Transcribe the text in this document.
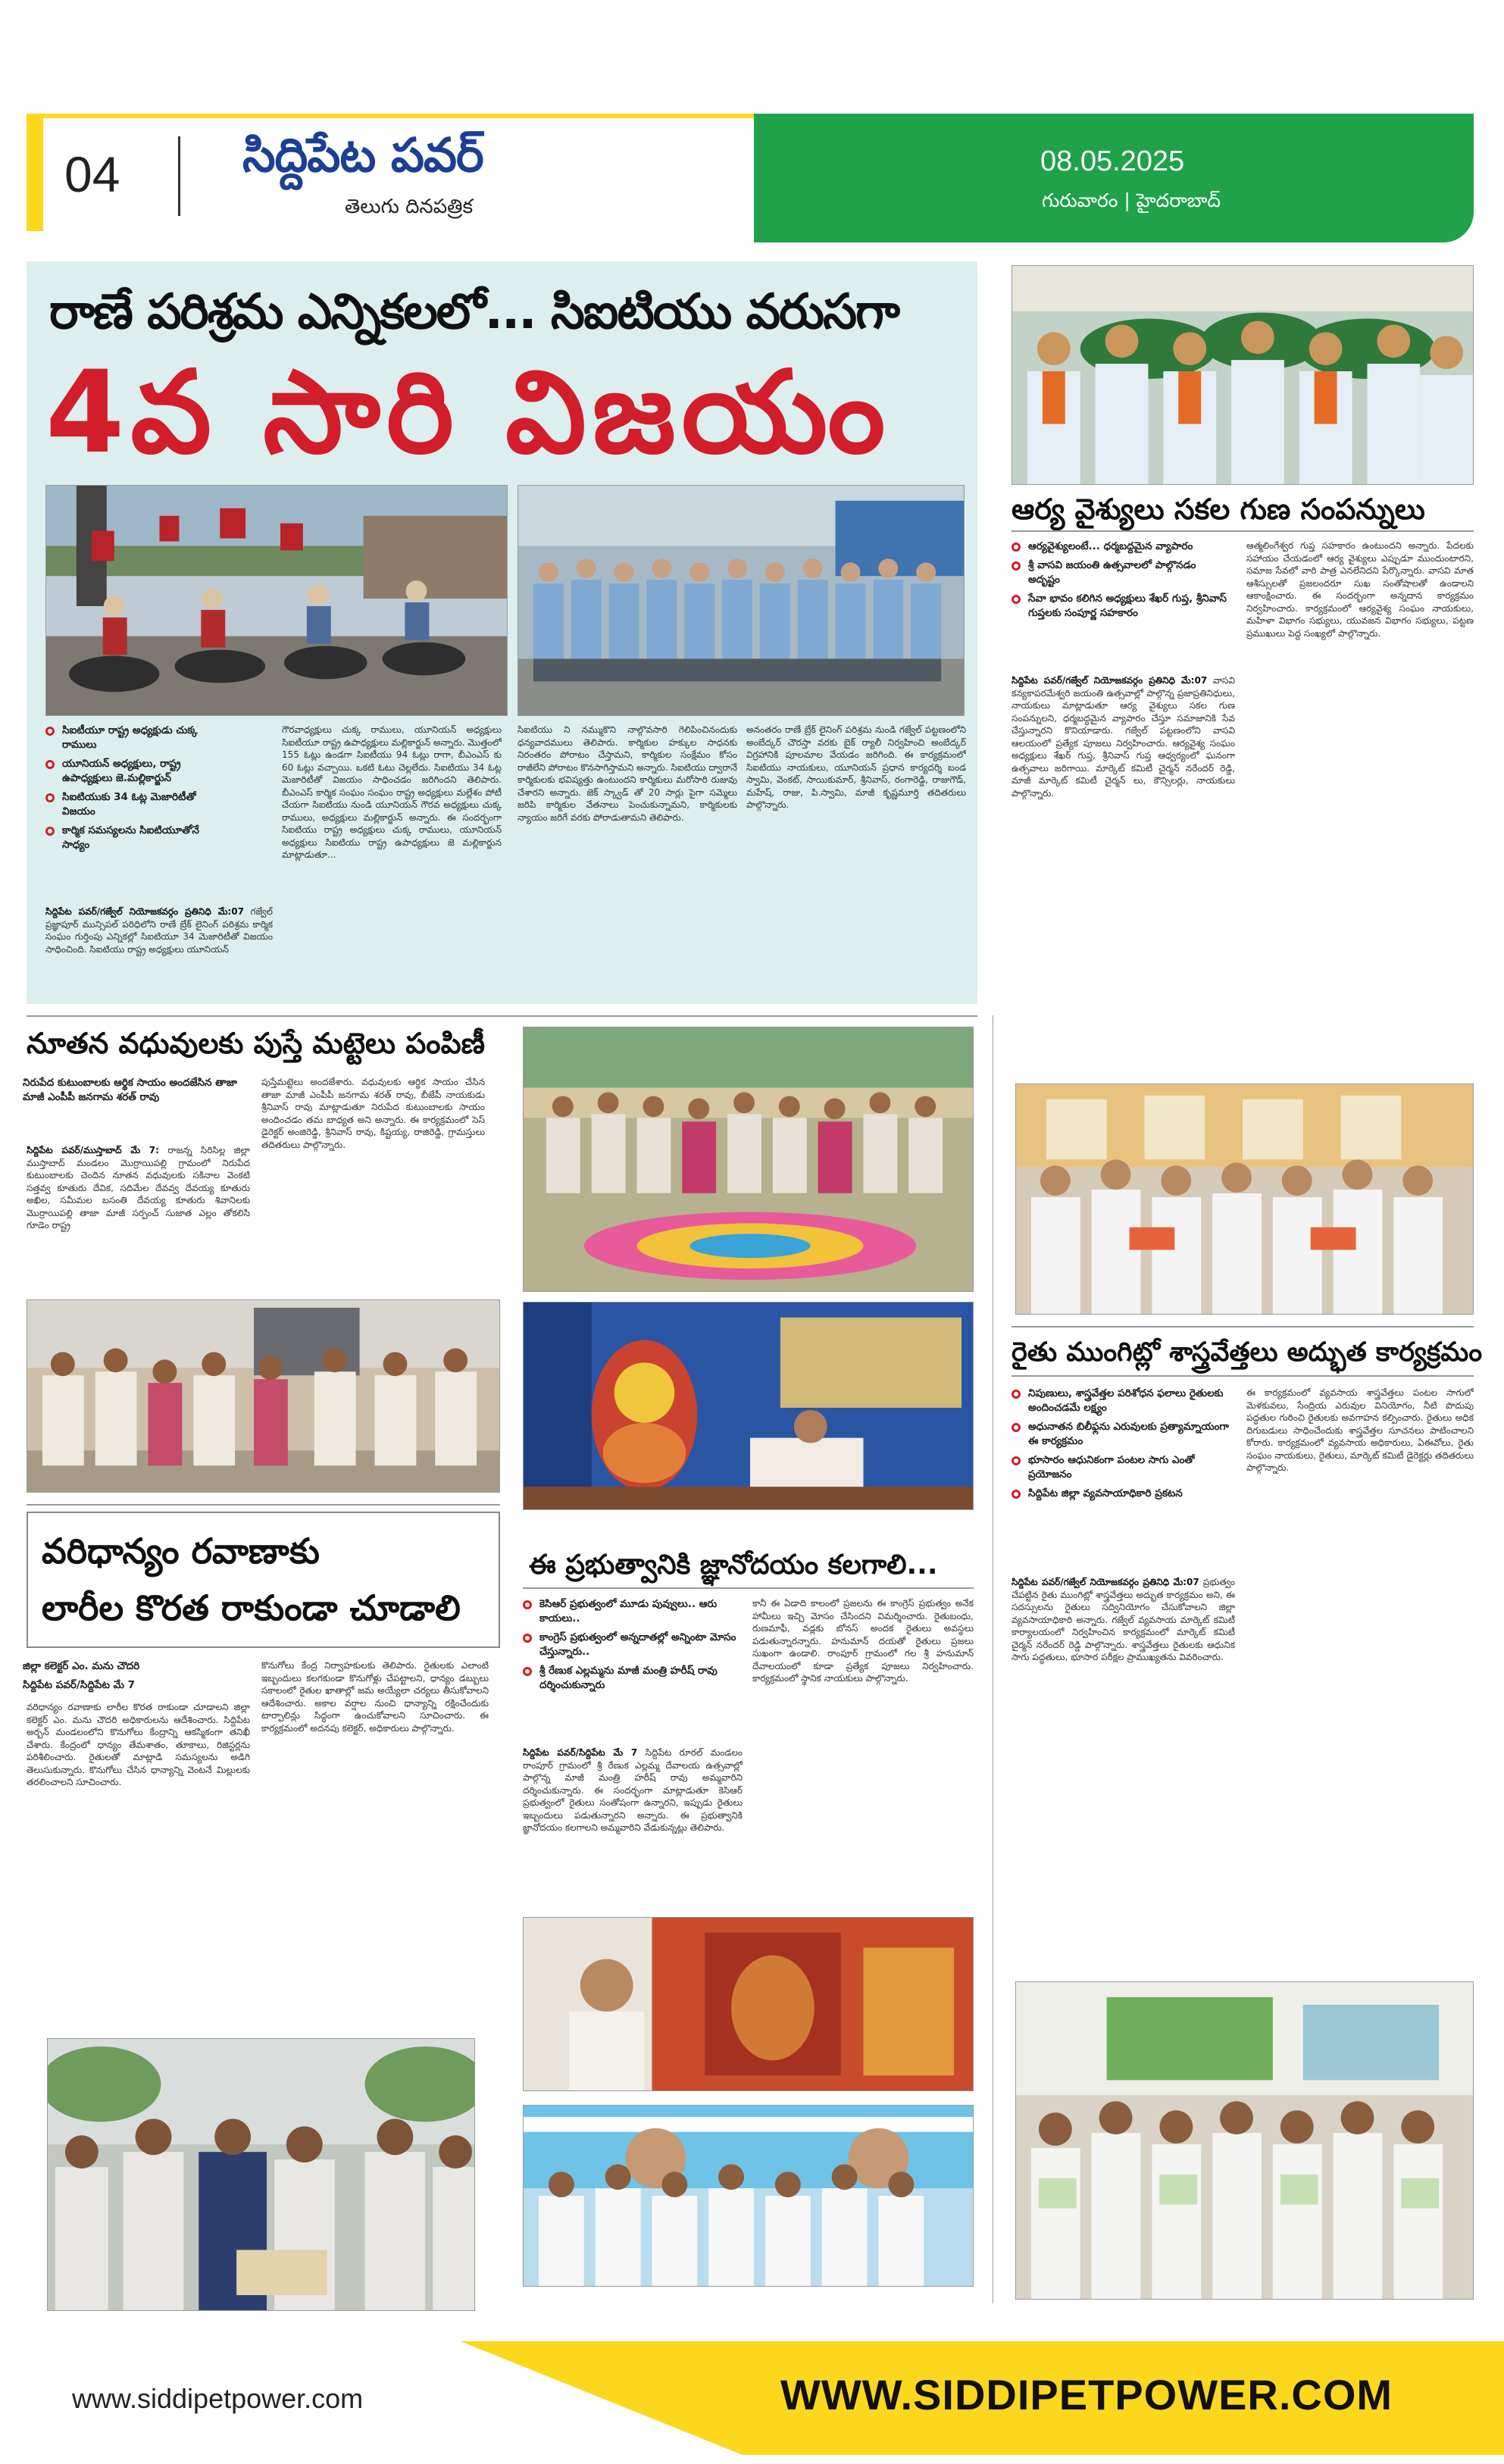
04	సిద్దిపేట పవర్
తెలుగు దినపత్రిక
08.05.2025
గురువారం | హైదరాబాద్
రాణే పరిశ్రమ ఎన్నికలలో... సిఐటియు వరుసగా
4వ సారి విజయం
సిఐటీయూ రాష్ట్ర అధ్యక్షుడు చుక్క రాములు
యూనియన్ అధ్యక్షులు, రాష్ట్ర ఉపాధ్యక్షులు జె.మల్లికార్జున్
సిఐటియుకు 34 ఓట్ల మెజారిటీతో విజయం
కార్మిక సమస్యలను సిఐటియూతోనే సాధ్యం

సిద్దిపేట పవర్/గజ్వేల్ నియోజకవర్గం ప్రతినిధి మే:07 గజ్వేల్ ప్రజ్ఞాపూర్ మున్సిపల్ పరిధిలోని రాణే బ్రేక్ లైనింగ్ పరిశ్రమ కార్మిక సంఘం గుర్తింపు ఎన్నికల్లో సిఐటియూ 34 మెజారిటీతో విజయం సాధించింది. సిఐటియు రాష్ట్ర అధ్యక్షులు యూనియన్

గౌరవాధ్యక్షులు చుక్క రాములు, యూనియన్ అధ్యక్షులు సిఐటీయూ రాష్ట్ర ఉపాధ్యక్షులు మల్లికార్జున్ అన్నారు. మొత్తంలో 155 ఓట్లు ఉండగా సిఐటీయు 94 ఓట్లు రాగా, బీఎంఎస్ కు 60 ఓట్లు వచ్చాయి. ఒకటి ఓటు చెల్లలేదు. సిఐటియు 34 ఓట్ల మెజారిటీతో విజయం సాధించడం జరిగిందని తెలిపారు. బీఎంఎస్ కార్మిక సంఘం సంఘం రాష్ట్ర అధ్యక్షులు మల్లేశం పోటీ చేయగా సిఐటియు నుండి యూనియన్ గౌరవ అధ్యక్షులు చుక్క రాములు, అధ్యక్షులు మల్లికార్జున్ అన్నారు. ఈ సందర్భంగా సిఐటియు రాష్ట్ర అధ్యక్షులు చుక్క రాములు, యూనియన్ అధ్యక్షులు సిఐటియు రాష్ట్ర ఉపాధ్యక్షులు జె మల్లికార్జున మాట్లాడుతూ...
సిఐటియు ని నమ్ముకొని నాల్గొవసారి గెలిపించినందుకు ధన్యవాదములు తెలిపారు. కార్మికుల హక్కుల సాధనకు నిరంతరం పోరాటం చేస్తామని, కార్మికుల సంక్షేమం కోసం రాజీలేని పోరాటం కొనసాగిస్తామని అన్నారు. సిఐటియు ద్వారానే కార్మికులకు భవిష్యత్తు ఉంటుందని కార్మికులు మరోసారి రుజువు చేశారని అన్నారు. జెక్ స్క్వాడ్ తో 20 సార్లు పైగా సమ్మెలు జరిపి కార్మికుల వేతనాలు పెంచుకున్నామని, కార్మికులకు న్యాయం జరిగే వరకు పోరాడుతామని తెలిపారు.
అనంతరం రాణే బ్రేక్ లైనింగ్ పరిశ్రమ నుండి గజ్వేల్ పట్టణంలోని అంబేద్కర్ చౌరస్తా వరకు బైక్ ర్యాలీ నిర్వహించి అంబేద్కర్ విగ్రహానికి పూలమాల వేయడం జరిగింది. ఈ కార్యక్రమంలో సిఐటియు నాయకులు, యూనియన్ ప్రధాన కార్యదర్శి బండ స్వామి, వెంకట్, సాయికుమార్, శ్రీనివాస్, రంగారెడ్డి, రాజుగౌడ్, మహేష్, రాజు, పి.స్వామి, మాజీ కృష్ణమూర్తి తదితరులు పాల్గొన్నారు.
ఆర్య వైశ్యులు సకల గుణ సంపన్నులు
ఆర్యవైశ్యులంటే... ధర్మబద్దమైన వ్యాపారం
శ్రీ వాసవి జయంతి ఉత్సవాలలో పాల్గొనడం అదృష్టం
సేవా భావం కలిగిన అధ్యక్షులు శేఖర్ గుప్త, శ్రీనివాస్ గుప్తలకు సంపూర్ణ సహకారం

సిద్దిపేట పవర్/గజ్వేల్ నియోజకవర్గం ప్రతినిధి మే:07 వాసవి కన్యకాపరమేశ్వరి జయంతి ఉత్సవాల్లో పాల్గొన్న ప్రజాప్రతినిధులు, నాయకులు మాట్లాడుతూ ఆర్య వైశ్యులు సకల గుణ సంపన్నులని, ధర్మబద్ధమైన వ్యాపారం చేస్తూ సమాజానికి సేవ చేస్తున్నారని కొనియాడారు. గజ్వేల్ పట్టణంలోని వాసవి ఆలయంలో ప్రత్యేక పూజలు నిర్వహించారు. ఆర్యవైశ్య సంఘం అధ్యక్షులు శేఖర్ గుప్త, శ్రీనివాస్ గుప్త ఆధ్వర్యంలో ఘనంగా ఉత్సవాలు జరిగాయి. మార్కెట్ కమిటీ చైర్మన్ నరేందర్ రెడ్డి, మాజీ మార్కెట్ కమిటీ చైర్మన్ లు, కౌన్సిలర్లు, నాయకులు పాల్గొన్నారు.

ఆత్మలింగేశ్వర గుప్త సహకారం ఉంటుందని అన్నారు. పేదలకు సహాయం చేయడంలో ఆర్య వైశ్యులు ఎప్పుడూ ముందుంటారని, సమాజ సేవలో వారి పాత్ర ఎనలేనిదని పేర్కొన్నారు. వాసవి మాత ఆశీస్సులతో ప్రజలందరూ సుఖ సంతోషాలతో ఉండాలని ఆకాంక్షించారు. ఈ సందర్భంగా అన్నదాన కార్యక్రమం నిర్వహించారు. కార్యక్రమంలో ఆర్యవైశ్య సంఘం నాయకులు, మహిళా విభాగం సభ్యులు, యువజన విభాగం సభ్యులు, పట్టణ ప్రముఖులు పెద్ద సంఖ్యలో పాల్గొన్నారు.
నూతన వధువులకు పుస్తే మట్టెలు పంపిణీ
నిరుపేద కుటుంబాలకు ఆర్థిక సాయం అందజేసిన తాజా మాజీ ఎంపీపీ జనగామ శరత్ రావు

సిద్దిపేట పవర్/ముస్తాబాద్ మే 7: రాజన్న సిరిసిల్ల జిల్లా ముస్తాబాద్ మండలం మొర్రాయిపల్లి గ్రామంలో నిరుపేద కుటుంబాలకు చెందిన నూతన వధువులకు సకినాల వెంకటి సత్తవ్వ కూతురు దేవిక, సదిమేల దేవవ్వ దేవయ్య కూతురు అఖిల, సమీమల బసంతి దేవయ్య కూతురు శివానిలకు మొర్రాయిపల్లి తాజా మాజీ సర్పంచ్ సుజాత ఎల్లం తోకలిసి గూడెం రాష్ట్ర

పుస్తేమట్టెలు అందజేశారు. వధువులకు ఆర్థిక సాయం చేసిన తాజా మాజీ ఎంపీపీ జనగామ శరత్ రావు, బీజేపీ నాయకుడు శ్రీనివాస్ రావు మాట్లాడుతూ నిరుపేద కుటుంబాలకు సాయం అందించడం తమ బాధ్యత అని అన్నారు. ఈ కార్యక్రమంలో సెస్ డైరెక్టర్ అంజిరెడ్డి, శ్రీనివాస్ రావు, కిష్టయ్య, రాజిరెడ్డి, గ్రామస్తులు తదితరులు పాల్గొన్నారు.
ఈ ప్రభుత్వానికి జ్ఞానోదయం కలగాలి...
కెసిఆర్ ప్రభుత్వంలో మూడు పువ్వులు.. ఆరు కాయలు..
కాంగ్రెస్ ప్రభుత్వంలో అన్నదాతల్లో అన్నింటా మోసం చేస్తున్నారు..
శ్రీ రేణుక ఎల్లమ్మను మాజీ మంత్రి హరీష్ రావు దర్శించుకున్నారు

సిద్దిపేట పవర్/సిద్దిపేట మే 7 సిద్దిపేట రూరల్ మండలం రాంపూర్ గ్రామంలో శ్రీ రేణుక ఎల్లమ్మ దేవాలయ ఉత్సవాల్లో పాల్గొన్న మాజీ మంత్రి హరీష్ రావు అమ్మవారిని దర్శించుకున్నారు. ఈ సందర్భంగా మాట్లాడుతూ కెసిఆర్ ప్రభుత్వంలో రైతులు సంతోషంగా ఉన్నారని, ఇప్పుడు రైతులు ఇబ్బందులు పడుతున్నారని అన్నారు. ఈ ప్రభుత్వానికి జ్ఞానోదయం కలగాలని అమ్మవారిని వేడుకున్నట్లు తెలిపారు.

కానీ ఈ ఏడాది కాలంలో ప్రజలను ఈ కాంగ్రెస్ ప్రభుత్వం అనేక హామీలు ఇచ్చి మోసం చేసిందని విమర్శించారు. రైతుబంధు, రుణమాఫీ, వడ్లకు బోనస్ అందక రైతులు అవస్థలు పడుతున్నారన్నారు. హనుమాన్ దయతో రైతులు ప్రజలు సుఖంగా ఉండాలి. రాంపూర్ గ్రామంలో గల శ్రీ హనుమాన్ దేవాలయంలో కూడా ప్రత్యేక పూజలు నిర్వహించారు. కార్యక్రమంలో స్థానిక నాయకులు పాల్గొన్నారు.
వరిధాన్యం రవాణాకు
లారీల కొరత రాకుండా చూడాలి
జిల్లా కలెక్టర్ ఎం. మను చౌదరి
సిద్దిపేట పవర్/సిద్దిపేట మే 7
వరిధాన్యం రవాణాకు లారీల కొరత రాకుండా చూడాలని జిల్లా కలెక్టర్ ఎం. మను చౌదరి అధికారులను ఆదేశించారు. సిద్దిపేట అర్బన్ మండలంలోని కొనుగోలు కేంద్రాన్ని ఆకస్మికంగా తనిఖీ చేశారు. కేంద్రంలో ధాన్యం తేమశాతం, తూకాలు, రిజిస్టర్లను పరిశీలించారు. రైతులతో మాట్లాడి సమస్యలను అడిగి తెలుసుకున్నారు. కొనుగోలు చేసిన ధాన్యాన్ని వెంటనే మిల్లులకు తరలించాలని సూచించారు.
కొనుగోలు కేంద్ర నిర్వాహకులకు తెలిపారు. రైతులకు ఎలాంటి ఇబ్బందులు కలగకుండా కొనుగోళ్లు చేపట్టాలని, ధాన్యం డబ్బులు సకాలంలో రైతుల ఖాతాల్లో జమ అయ్యేలా చర్యలు తీసుకోవాలని ఆదేశించారు. అకాల వర్షాల నుంచి ధాన్యాన్ని రక్షించేందుకు టార్పాలిన్లు సిద్ధంగా ఉంచుకోవాలని సూచించారు. ఈ కార్యక్రమంలో అదనపు కలెక్టర్, అధికారులు పాల్గొన్నారు.
రైతు ముంగిట్లో శాస్త్రవేత్తలు అద్భుత కార్యక్రమం
నిపుణులు, శాస్త్రవేత్తల పరిశోధన ఫలాలు రైతులకు అందించడమే లక్ష్యం
అధునాతన బిలీఫ్లను ఎరువులకు ప్రత్యామ్నాయంగా ఈ కార్యక్రమం
భూసారం ఆధునికంగా పంటల సాగు ఎంతో ప్రయోజనం
సిద్దిపేట జిల్లా వ్యవసాయాధికారి ప్రకటన

సిద్దిపేట పవర్/గజ్వేల్ నియోజకవర్గం ప్రతినిధి మే:07 ప్రభుత్వం చేపట్టిన రైతు ముంగిట్లో శాస్త్రవేత్తలు అద్భుత కార్యక్రమం అని, ఈ సదస్సులను రైతులు సద్వినియోగం చేసుకోవాలని జిల్లా వ్యవసాయాధికారి అన్నారు. గజ్వేల్ వ్యవసాయ మార్కెట్ కమిటీ కార్యాలయంలో నిర్వహించిన కార్యక్రమంలో మార్కెట్ కమిటీ చైర్మన్ నరేందర్ రెడ్డి పాల్గొన్నారు. శాస్త్రవేత్తలు రైతులకు ఆధునిక సాగు పద్ధతులు, భూసార పరీక్షల ప్రాముఖ్యతను వివరించారు.

ఈ కార్యక్రమంలో వ్యవసాయ శాస్త్రవేత్తలు పంటల సాగులో మెళకువలు, సేంద్రియ ఎరువుల వినియోగం, నీటి పొదుపు పద్ధతుల గురించి రైతులకు అవగాహన కల్పించారు. రైతులు అధిక దిగుబడులు సాధించేందుకు శాస్త్రవేత్తల సూచనలు పాటించాలని కోరారు. కార్యక్రమంలో వ్యవసాయ అధికారులు, ఏఈవోలు, రైతు సంఘం నాయకులు, రైతులు, మార్కెట్ కమిటీ డైరెక్టర్లు తదితరులు పాల్గొన్నారు.
www.siddipetpower.com	WWW.SIDDIPETPOWER.COM
